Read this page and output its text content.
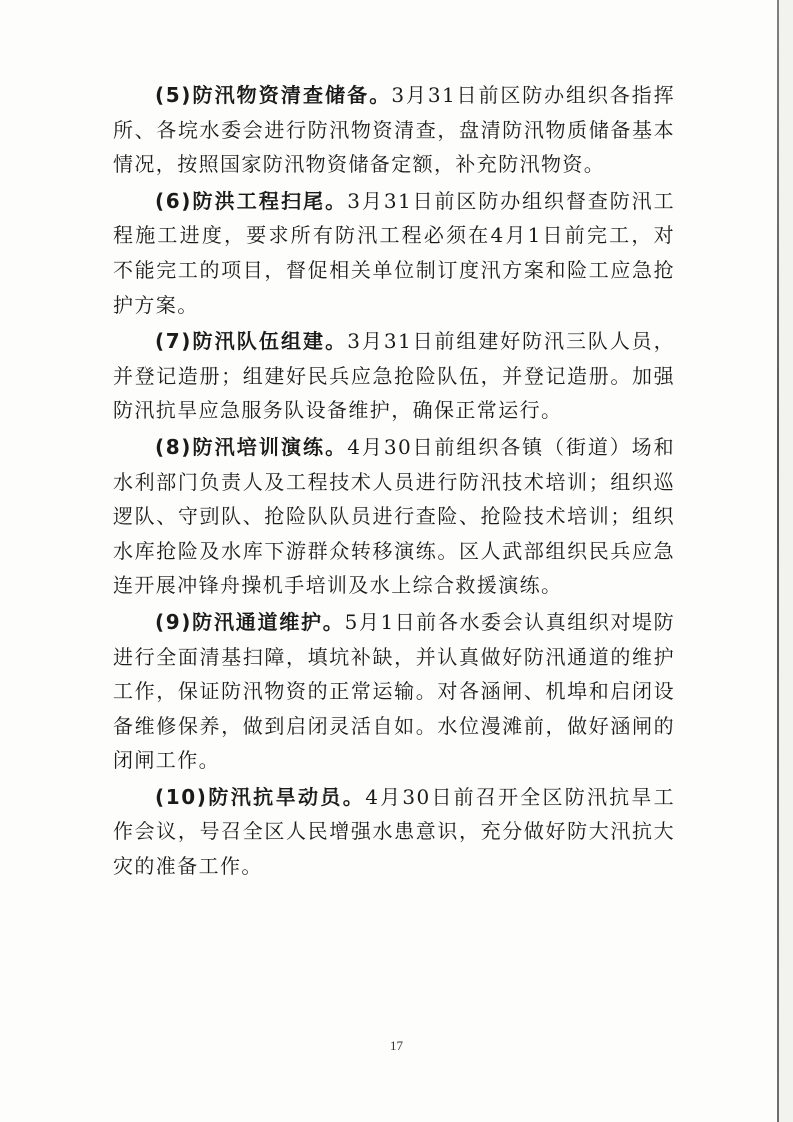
(5)防汛物资清查储备。3月31日前区防办组织各指挥所、各垸水委会进行防汛物资清查，盘清防汛物质储备基本情况，按照国家防汛物资储备定额，补充防汛物资。

(6)防洪工程扫尾。3月31日前区防办组织督查防汛工程施工进度，要求所有防汛工程必须在4月1日前完工，对不能完工的项目，督促相关单位制订度汛方案和险工应急抢护方案。

(7)防汛队伍组建。3月31日前组建好防汛三队人员，并登记造册；组建好民兵应急抢险队伍，并登记造册。加强防汛抗旱应急服务队设备维护，确保正常运行。

(8)防汛培训演练。4月30日前组织各镇（街道）场和水利部门负责人及工程技术人员进行防汛技术培训；组织巡逻队、守剅队、抢险队队员进行查险、抢险技术培训；组织水库抢险及水库下游群众转移演练。区人武部组织民兵应急连开展冲锋舟操机手培训及水上综合救援演练。

(9)防汛通道维护。5月1日前各水委会认真组织对堤防进行全面清基扫障，填坑补缺，并认真做好防汛通道的维护工作，保证防汛物资的正常运输。对各涵闸、机埠和启闭设备维修保养，做到启闭灵活自如。水位漫滩前，做好涵闸的闭闸工作。

(10)防汛抗旱动员。4月30日前召开全区防汛抗旱工作会议，号召全区人民增强水患意识，充分做好防大汛抗大灾的准备工作。

17
